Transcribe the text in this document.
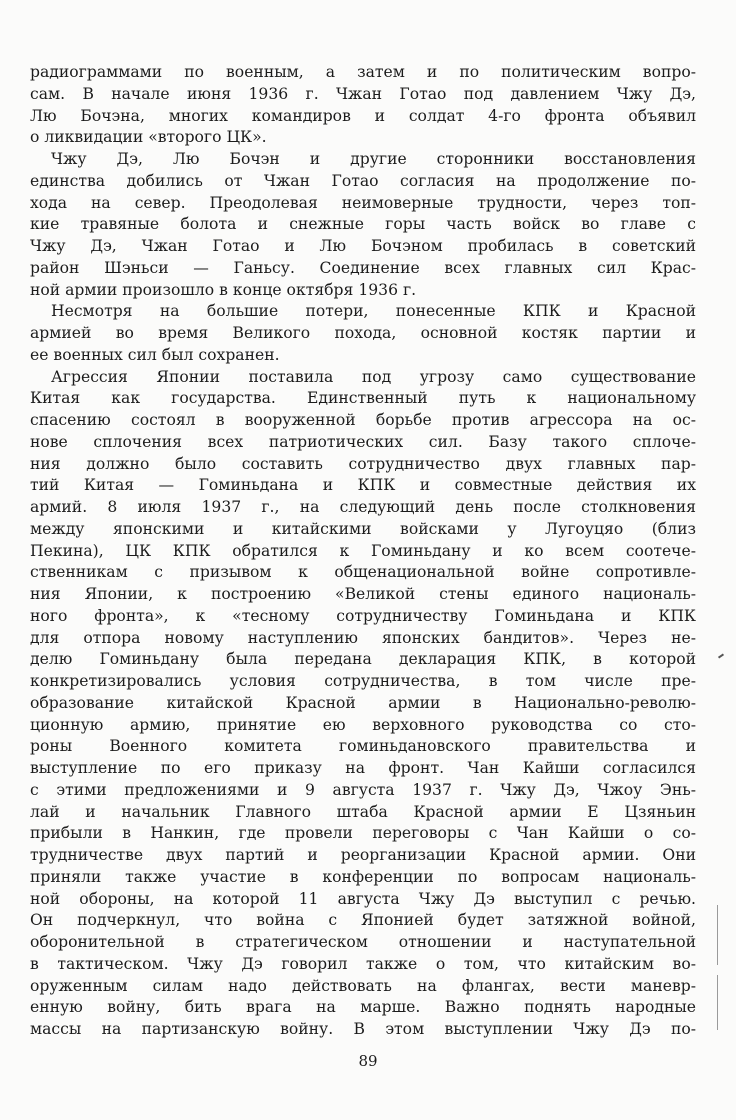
радиограммами по военным, а затем и по политическим вопро-
сам. В начале июня 1936 г. Чжан Готао под давлением Чжу Дэ,
Лю Бочэна, многих командиров и солдат 4-го фронта объявил
о ликвидации «второго ЦК».
Чжу Дэ, Лю Бочэн и другие сторонники восстановления
единства добились от Чжан Готао согласия на продолжение по-
хода на север. Преодолевая неимоверные трудности, через топ-
кие травяные болота и снежные горы часть войск во главе с
Чжу Дэ, Чжан Готао и Лю Бочэном пробилась в советский
район Шэньси — Ганьсу. Соединение всех главных сил Крас-
ной армии произошло в конце октября 1936 г.
Несмотря на большие потери, понесенные КПК и Красной
армией во время Великого похода, основной костяк партии и
ее военных сил был сохранен.
Агрессия Японии поставила под угрозу само существование
Китая как государства. Единственный путь к национальному
спасению состоял в вооруженной борьбе против агрессора на ос-
нове сплочения всех патриотических сил. Базу такого сплоче-
ния должно было составить сотрудничество двух главных пар-
тий Китая — Гоминьдана и КПК и совместные действия их
армий. 8 июля 1937 г., на следующий день после столкновения
между японскими и китайскими войсками у Лугоуцяо (близ
Пекина), ЦК КПК обратился к Гоминьдану и ко всем соотече-
ственникам с призывом к общенациональной войне сопротивле-
ния Японии, к построению «Великой стены единого националь-
ного фронта», к «тесному сотрудничеству Гоминьдана и КПК
для отпора новому наступлению японских бандитов». Через не-
делю Гоминьдану была передана декларация КПК, в которой
конкретизировались условия сотрудничества, в том числе пре-
образование китайской Красной армии в Национально-револю-
ционную армию, принятие ею верховного руководства со сто-
роны Военного комитета гоминьдановского правительства и
выступление по его приказу на фронт. Чан Кайши согласился
с этими предложениями и 9 августа 1937 г. Чжу Дэ, Чжоу Энь-
лай и начальник Главного штаба Красной армии Е Цзяньин
прибыли в Нанкин, где провели переговоры с Чан Кайши о со-
трудничестве двух партий и реорганизации Красной армии. Они
приняли также участие в конференции по вопросам националь-
ной обороны, на которой 11 августа Чжу Дэ выступил с речью.
Он подчеркнул, что война с Японией будет затяжной войной,
оборонительной в стратегическом отношении и наступательной
в тактическом. Чжу Дэ говорил также о том, что китайским во-
оруженным силам надо действовать на флангах, вести маневр-
енную войну, бить врага на марше. Важно поднять народные
массы на партизанскую войну. В этом выступлении Чжу Дэ по-
89
